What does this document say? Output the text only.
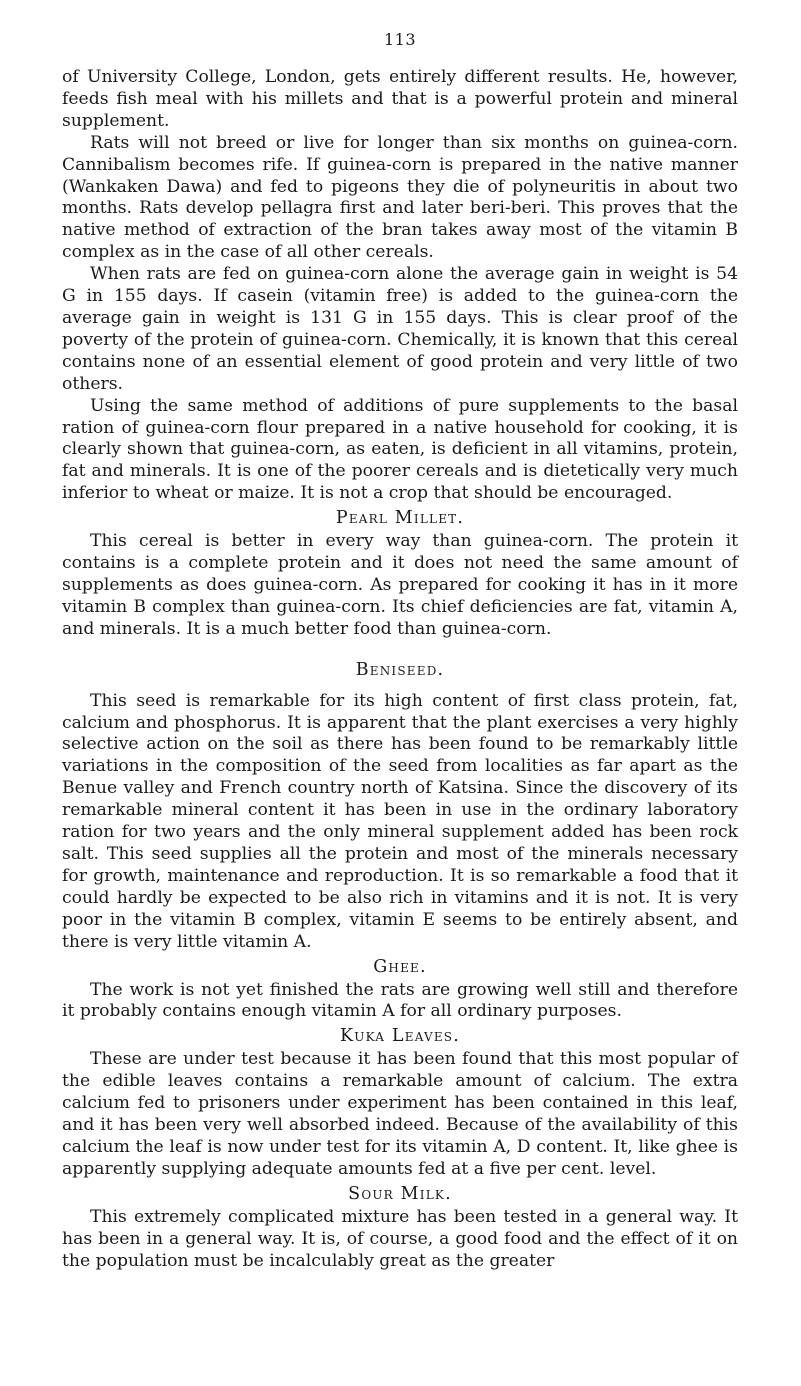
113

of University College, London, gets entirely different results. He, however, feeds fish meal with his millets and that is a powerful protein and mineral supplement.

Rats will not breed or live for longer than six months on guinea-corn. Cannibalism becomes rife. If guinea-corn is prepared in the native manner (Wankaken Dawa) and fed to pigeons they die of polyneuritis in about two months. Rats develop pellagra first and later beri-beri. This proves that the native method of extraction of the bran takes away most of the vitamin B complex as in the case of all other cereals.

When rats are fed on guinea-corn alone the average gain in weight is 54 G in 155 days. If casein (vitamin free) is added to the guinea-corn the average gain in weight is 131 G in 155 days. This is clear proof of the poverty of the protein of guinea-corn. Chemically, it is known that this cereal contains none of an essential element of good protein and very little of two others.

Using the same method of additions of pure supplements to the basal ration of guinea-corn flour prepared in a native household for cooking, it is clearly shown that guinea-corn, as eaten, is deficient in all vitamins, protein, fat and minerals. It is one of the poorer cereals and is dietetically very much inferior to wheat or maize. It is not a crop that should be encouraged.

Pearl Millet.

This cereal is better in every way than guinea-corn. The protein it contains is a complete protein and it does not need the same amount of supplements as does guinea-corn. As prepared for cooking it has in it more vitamin B complex than guinea-corn. Its chief deficiencies are fat, vitamin A, and minerals. It is a much better food than guinea-corn.

Beniseed.

This seed is remarkable for its high content of first class protein, fat, calcium and phosphorus. It is apparent that the plant exercises a very highly selective action on the soil as there has been found to be remarkably little variations in the composition of the seed from localities as far apart as the Benue valley and French country north of Katsina. Since the discovery of its remarkable mineral content it has been in use in the ordinary laboratory ration for two years and the only mineral supplement added has been rock salt. This seed supplies all the protein and most of the minerals necessary for growth, maintenance and reproduction. It is so remarkable a food that it could hardly be expected to be also rich in vitamins and it is not. It is very poor in the vitamin B complex, vitamin E seems to be entirely absent, and there is very little vitamin A.

Ghee.

The work is not yet finished the rats are growing well still and therefore it probably contains enough vitamin A for all ordinary purposes.

Kuka Leaves.

These are under test because it has been found that this most popular of the edible leaves contains a remarkable amount of calcium. The extra calcium fed to prisoners under experiment has been contained in this leaf, and it has been very well absorbed indeed. Because of the availability of this calcium the leaf is now under test for its vitamin A, D content. It, like ghee is apparently supplying adequate amounts fed at a five per cent. level.

Sour Milk.

This extremely complicated mixture has been tested in a general way. It has been in a general way. It is, of course, a good food and the effect of it on the population must be incalculably great as the greater
